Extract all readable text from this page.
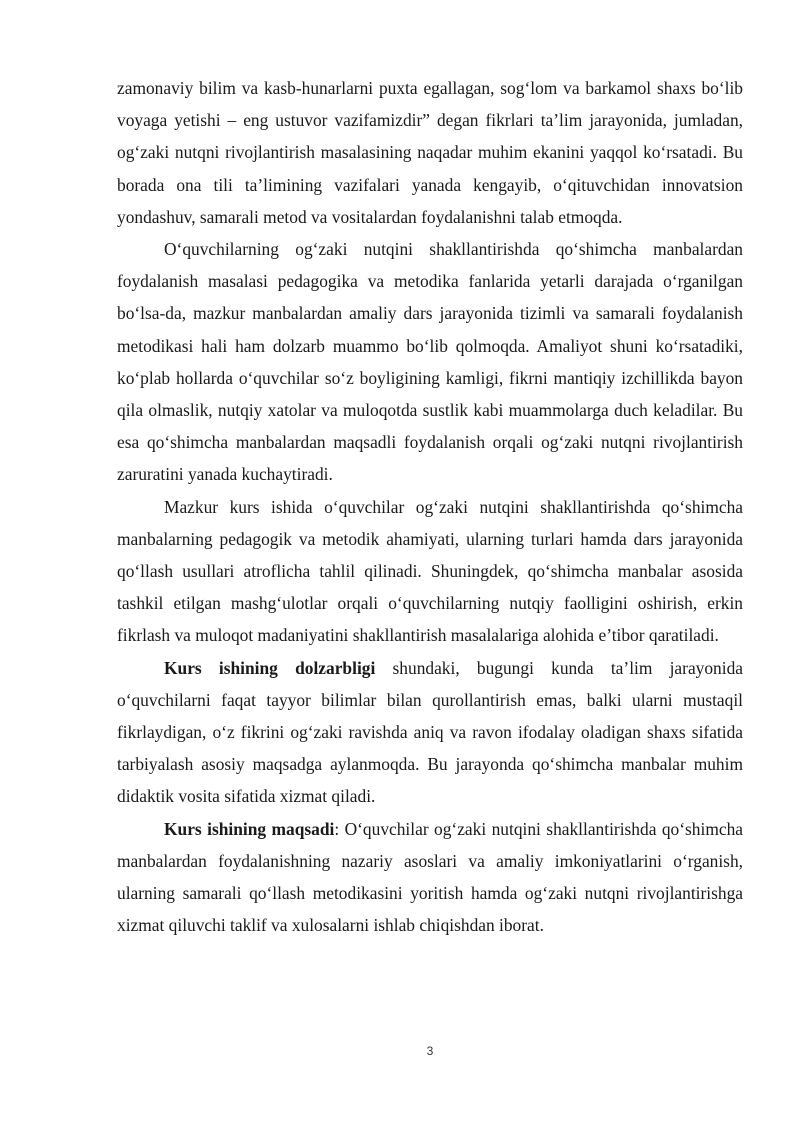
zamonaviy bilim va kasb-hunarlarni puxta egallagan, sog‘lom va barkamol shaxs bo‘lib voyaga yetishi – eng ustuvor vazifamizdir” degan fikrlari ta’lim jarayonida, jumladan, og‘zaki nutqni rivojlantirish masalasining naqadar muhim ekanini yaqqol ko‘rsatadi. Bu borada ona tili ta’limining vazifalari yanada kengayib, o‘qituvchidan innovatsion yondashuv, samarali metod va vositalardan foydalanishni talab etmoqda.

O‘quvchilarning og‘zaki nutqini shakllantirishda qo‘shimcha manbalardan foydalanish masalasi pedagogika va metodika fanlarida yetarli darajada o‘rganilgan bo‘lsa-da, mazkur manbalardan amaliy dars jarayonida tizimli va samarali foydalanish metodikasi hali ham dolzarb muammo bo‘lib qolmoqda. Amaliyot shuni ko‘rsatadiki, ko‘plab hollarda o‘quvchilar so‘z boyligining kamligi, fikrni mantiqiy izchillikda bayon qila olmaslik, nutqiy xatolar va muloqotda sustlik kabi muammolarga duch keladilar. Bu esa qo‘shimcha manbalardan maqsadli foydalanish orqali og‘zaki nutqni rivojlantirish zaruratini yanada kuchaytiradi.

Mazkur kurs ishida o‘quvchilar og‘zaki nutqini shakllantirishda qo‘shimcha manbalarning pedagogik va metodik ahamiyati, ularning turlari hamda dars jarayonida qo‘llash usullari atroflicha tahlil qilinadi. Shuningdek, qo‘shimcha manbalar asosida tashkil etilgan mashg‘ulotlar orqali o‘quvchilarning nutqiy faolligini oshirish, erkin fikrlash va muloqot madaniyatini shakllantirish masalalariga alohida e’tibor qaratiladi.

Kurs ishining dolzarbligi shundaki, bugungi kunda ta’lim jarayonida o‘quvchilarni faqat tayyor bilimlar bilan qurollantirish emas, balki ularni mustaqil fikrlaydigan, o‘z fikrini og‘zaki ravishda aniq va ravon ifodalay oladigan shaxs sifatida tarbiyalash asosiy maqsadga aylanmoqda. Bu jarayonda qo‘shimcha manbalar muhim didaktik vosita sifatida xizmat qiladi.

Kurs ishining maqsadi: O‘quvchilar og‘zaki nutqini shakllantirishda qo‘shimcha manbalardan foydalanishning nazariy asoslari va amaliy imkoniyatlarini o‘rganish, ularning samarali qo‘llash metodikasini yoritish hamda og‘zaki nutqni rivojlantirishga xizmat qiluvchi taklif va xulosalarni ishlab chiqishdan iborat.

3
